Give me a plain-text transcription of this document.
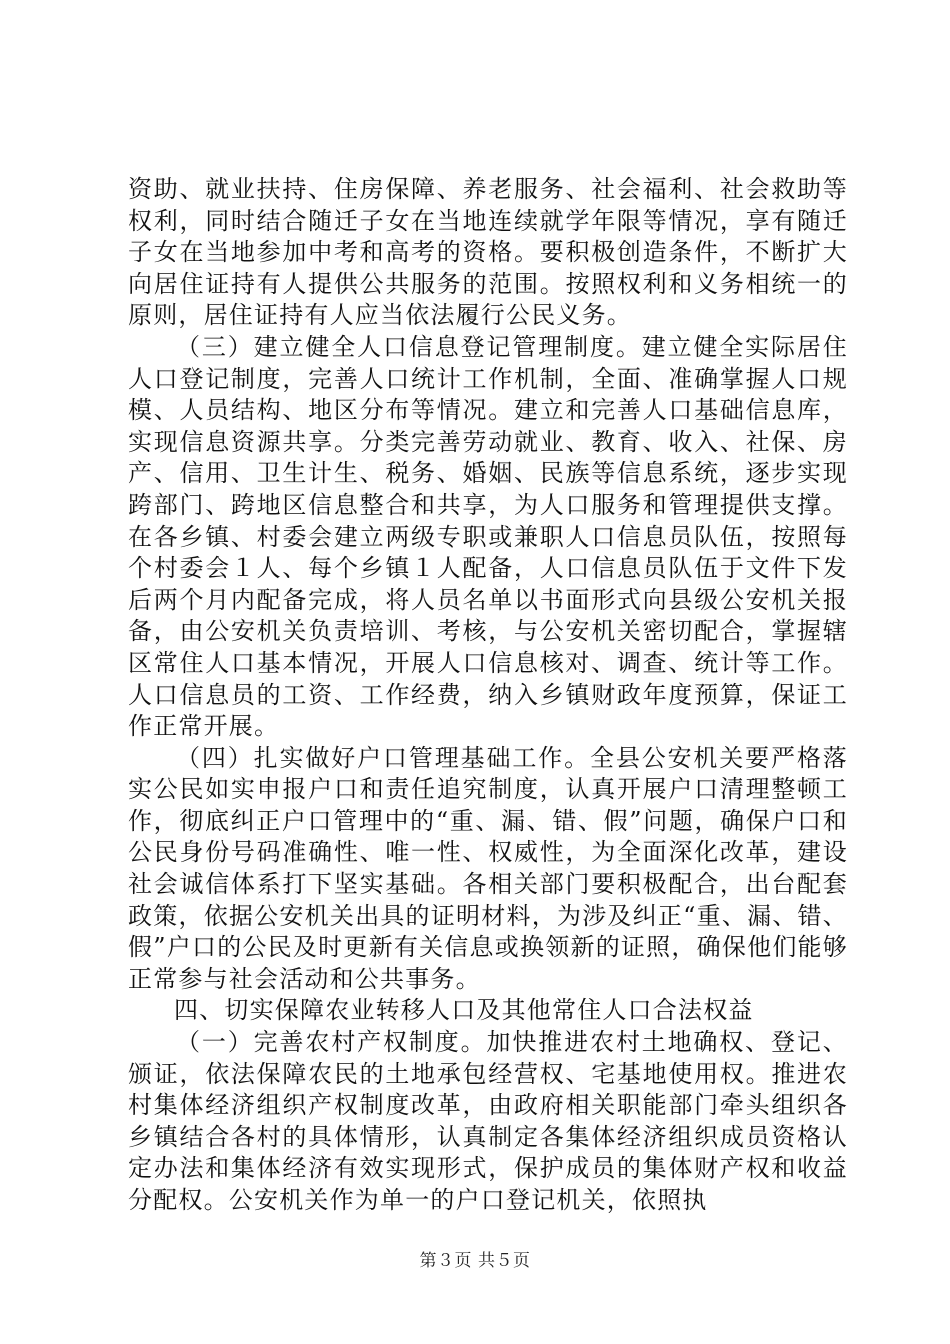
资助、就业扶持、住房保障、养老服务、社会福利、社会救助等权利，同时结合随迁子女在当地连续就学年限等情况，享有随迁子女在当地参加中考和高考的资格。要积极创造条件，不断扩大向居住证持有人提供公共服务的范围。按照权利和义务相统一的原则，居住证持有人应当依法履行公民义务。

（三）建立健全人口信息登记管理制度。建立健全实际居住人口登记制度，完善人口统计工作机制，全面、准确掌握人口规模、人员结构、地区分布等情况。建立和完善人口基础信息库，实现信息资源共享。分类完善劳动就业、教育、收入、社保、房产、信用、卫生计生、税务、婚姻、民族等信息系统，逐步实现跨部门、跨地区信息整合和共享，为人口服务和管理提供支撑。在各乡镇、村委会建立两级专职或兼职人口信息员队伍，按照每个村委会１人、每个乡镇１人配备，人口信息员队伍于文件下发后两个月内配备完成，将人员名单以书面形式向县级公安机关报备，由公安机关负责培训、考核，与公安机关密切配合，掌握辖区常住人口基本情况，开展人口信息核对、调查、统计等工作。人口信息员的工资、工作经费，纳入乡镇财政年度预算，保证工作正常开展。

（四）扎实做好户口管理基础工作。全县公安机关要严格落实公民如实申报户口和责任追究制度，认真开展户口清理整顿工作，彻底纠正户口管理中的“重、漏、错、假”问题，确保户口和公民身份号码准确性、唯一性、权威性，为全面深化改革，建设社会诚信体系打下坚实基础。各相关部门要积极配合，出台配套政策，依据公安机关出具的证明材料，为涉及纠正“重、漏、错、假”户口的公民及时更新有关信息或换领新的证照，确保他们能够正常参与社会活动和公共事务。

四、切实保障农业转移人口及其他常住人口合法权益

（一）完善农村产权制度。加快推进农村土地确权、登记、颁证，依法保障农民的土地承包经营权、宅基地使用权。推进农村集体经济组织产权制度改革，由政府相关职能部门牵头组织各乡镇结合各村的具体情形，认真制定各集体经济组织成员资格认定办法和集体经济有效实现形式，保护成员的集体财产权和收益分配权。公安机关作为单一的户口登记机关，依照执

第３页 共５页
